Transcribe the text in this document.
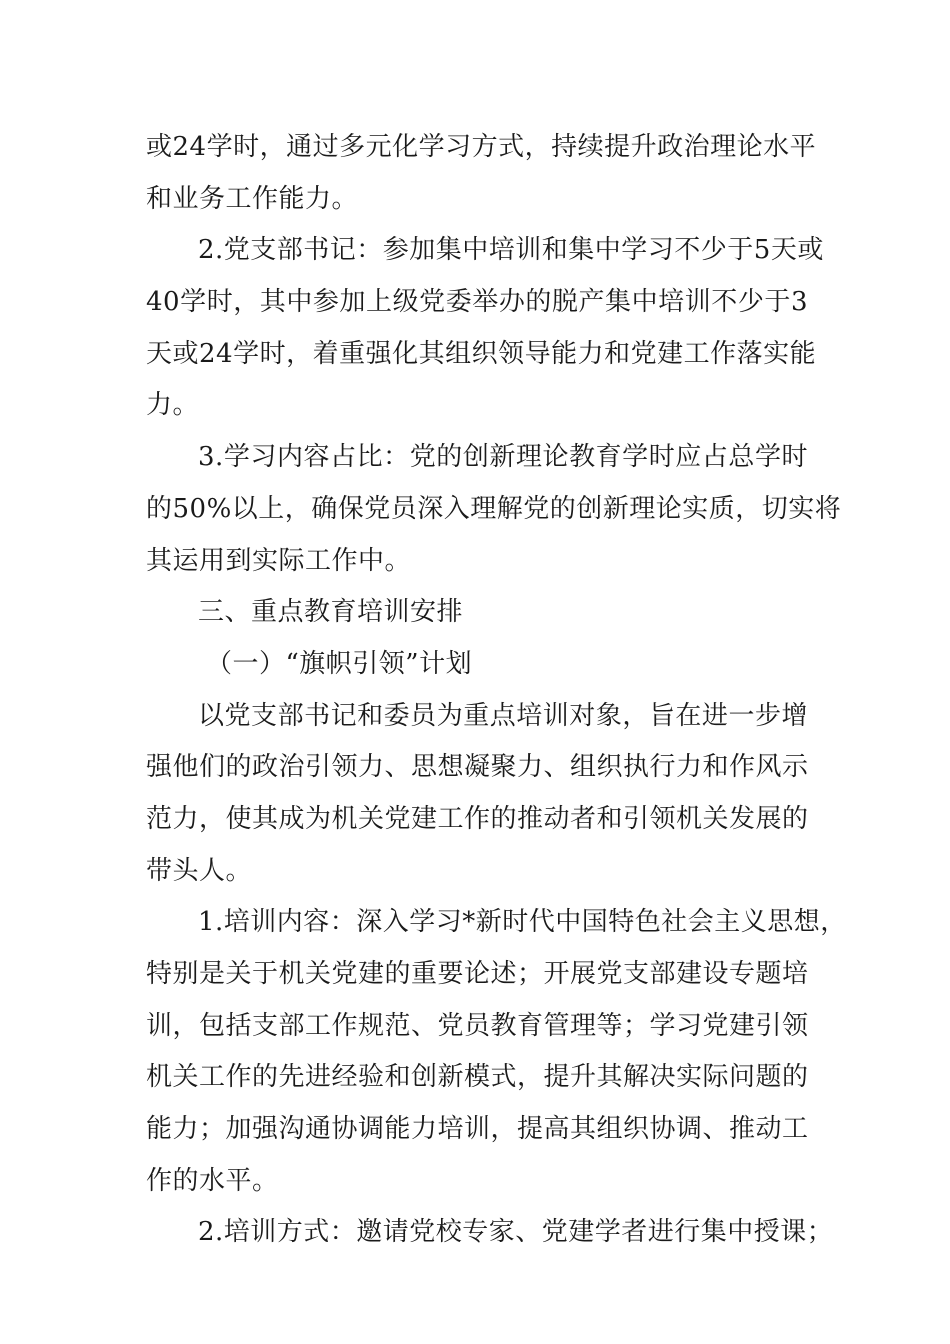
或24学时，通过多元化学习方式，持续提升政治理论水平
和业务工作能力。
2.党支部书记：参加集中培训和集中学习不少于5天或
40学时，其中参加上级党委举办的脱产集中培训不少于3
天或24学时，着重强化其组织领导能力和党建工作落实能
力。
3.学习内容占比：党的创新理论教育学时应占总学时
的50%以上，确保党员深入理解党的创新理论实质，切实将
其运用到实际工作中。
三、重点教育培训安排
（一）“旗帜引领”计划
以党支部书记和委员为重点培训对象，旨在进一步增
强他们的政治引领力、思想凝聚力、组织执行力和作风示
范力，使其成为机关党建工作的推动者和引领机关发展的
带头人。
1.培训内容：深入学习*新时代中国特色社会主义思想，
特别是关于机关党建的重要论述；开展党支部建设专题培
训，包括支部工作规范、党员教育管理等；学习党建引领
机关工作的先进经验和创新模式，提升其解决实际问题的
能力；加强沟通协调能力培训，提高其组织协调、推动工
作的水平。
2.培训方式：邀请党校专家、党建学者进行集中授课；
